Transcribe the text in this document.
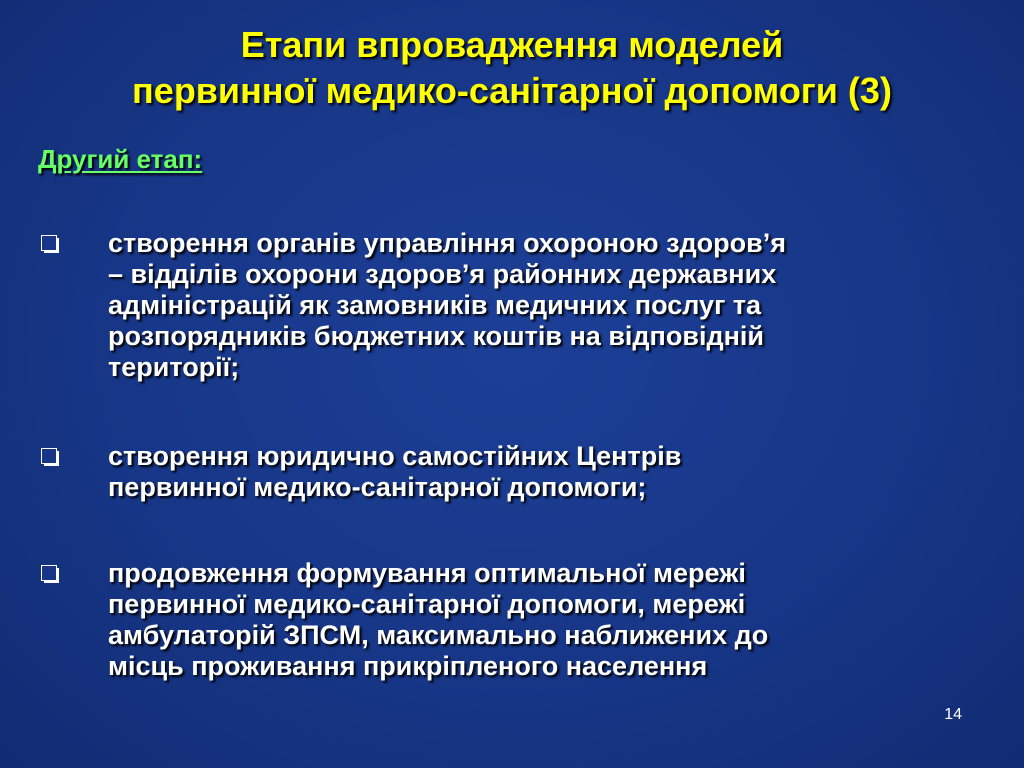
Етапи впровадження моделей
первинної медико-санітарної допомоги (3)
Другий етап:
створення органів управління охороною здоров’я
– відділів охорони здоров’я районних державних
адміністрацій як замовників медичних послуг та
розпорядників бюджетних коштів на відповідній
території;
створення юридично самостійних Центрів
первинної медико-санітарної допомоги;
продовження формування оптимальної мережі
первинної медико-санітарної допомоги, мережі
амбулаторій ЗПСМ, максимально наближених до
місць проживання прикріпленого населення
14
